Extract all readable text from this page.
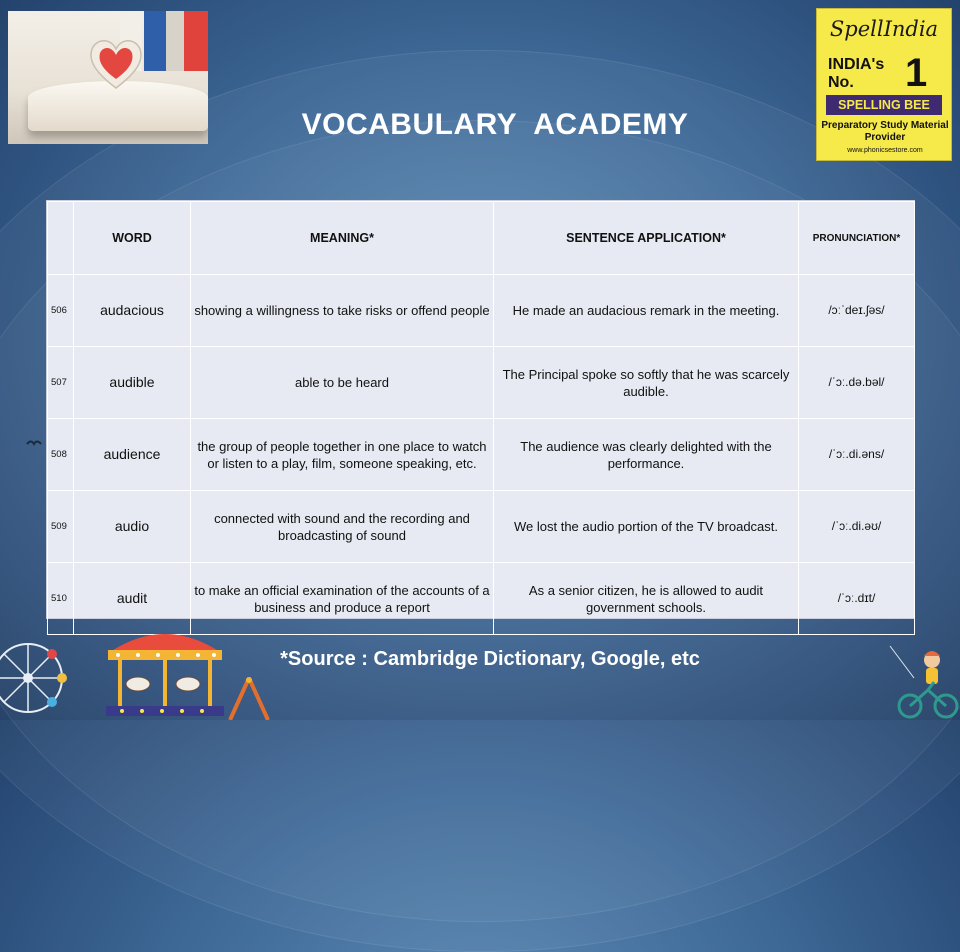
SpellIndia
INDIA's
No.	1
SPELLING BEE
Preparatory Study Material Provider
www.phonicsestore.com
VOCABULARY  ACADEMY
	WORD	MEANING*	SENTENCE APPLICATION*	PRONUNCIATION*
506	audacious	showing a willingness to take risks or offend people	He made an audacious remark in the meeting.	/ɔːˈdeɪ.ʃəs/
507	audible	able to be heard	The Principal spoke so softly that he was scarcely audible.	/ˈɔː.də.bəl/
508	audience	the group of people together in one place to watch or listen to a play, film, someone speaking, etc.	The audience was clearly delighted with the performance.	/ˈɔː.di.əns/
509	audio	connected with sound and the recording and broadcasting of sound	We lost the audio portion of the TV broadcast.	/ˈɔː.di.əʊ/
510	audit	to make an official examination of the accounts of a business and produce a report	As a senior citizen, he is allowed to audit government schools.	/ˈɔː.dɪt/
*Source : Cambridge Dictionary, Google, etc
